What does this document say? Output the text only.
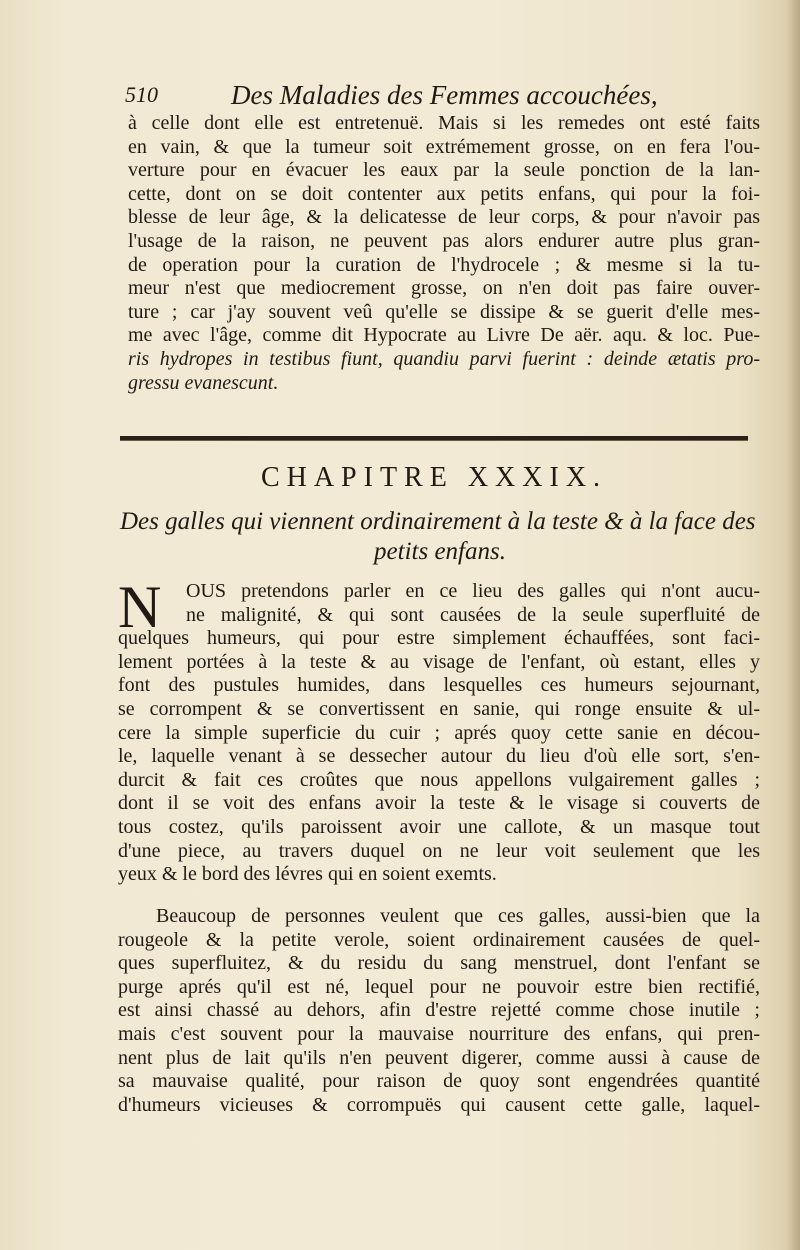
510	Des Maladies des Femmes accouchées,
à celle dont elle est entretenuë. Mais si les remedes ont esté faits
en vain, & que la tumeur soit extrémement grosse, on en fera l'ou-
verture pour en évacuer les eaux par la seule ponction de la lan-
cette, dont on se doit contenter aux petits enfans, qui pour la foi-
blesse de leur âge, & la delicatesse de leur corps, & pour n'avoir pas
l'usage de la raison, ne peuvent pas alors endurer autre plus gran-
de operation pour la curation de l'hydrocele ; & mesme si la tu-
meur n'est que mediocrement grosse, on n'en doit pas faire ouver-
ture ; car j'ay souvent veû qu'elle se dissipe & se guerit d'elle mes-
me avec l'âge, comme dit Hypocrate au Livre De aër. aqu. & loc. Pue-
ris hydropes in testibus fiunt, quandiu parvi fuerint : deinde ætatis pro-
gressu evanescunt.
CHAPITRE XXXIX.
Des galles qui viennent ordinairement à la teste & à la face des
petits enfans.
N	OUS pretendons parler en ce lieu des galles qui n'ont aucu-
ne malignité, & qui sont causées de la seule superfluité de
quelques humeurs, qui pour estre simplement échauffées, sont faci-
lement portées à la teste & au visage de l'enfant, où estant, elles y
font des pustules humides, dans lesquelles ces humeurs sejournant,
se corrompent & se convertissent en sanie, qui ronge ensuite & ul-
cere la simple superficie du cuir ; aprés quoy cette sanie en décou-
le, laquelle venant à se dessecher autour du lieu d'où elle sort, s'en-
durcit & fait ces croûtes que nous appellons vulgairement galles ;
dont il se voit des enfans avoir la teste & le visage si couverts de
tous costez, qu'ils paroissent avoir une callote, & un masque tout
d'une piece, au travers duquel on ne leur voit seulement que les
yeux & le bord des lévres qui en soient exemts.
Beaucoup de personnes veulent que ces galles, aussi-bien que la
rougeole & la petite verole, soient ordinairement causées de quel-
ques superfluitez, & du residu du sang menstruel, dont l'enfant se
purge aprés qu'il est né, lequel pour ne pouvoir estre bien rectifié,
est ainsi chassé au dehors, afin d'estre rejetté comme chose inutile ;
mais c'est souvent pour la mauvaise nourriture des enfans, qui pren-
nent plus de lait qu'ils n'en peuvent digerer, comme aussi à cause de
sa mauvaise qualité, pour raison de quoy sont engendrées quantité
d'humeurs vicieuses & corrompuës qui causent cette galle, laquel-
